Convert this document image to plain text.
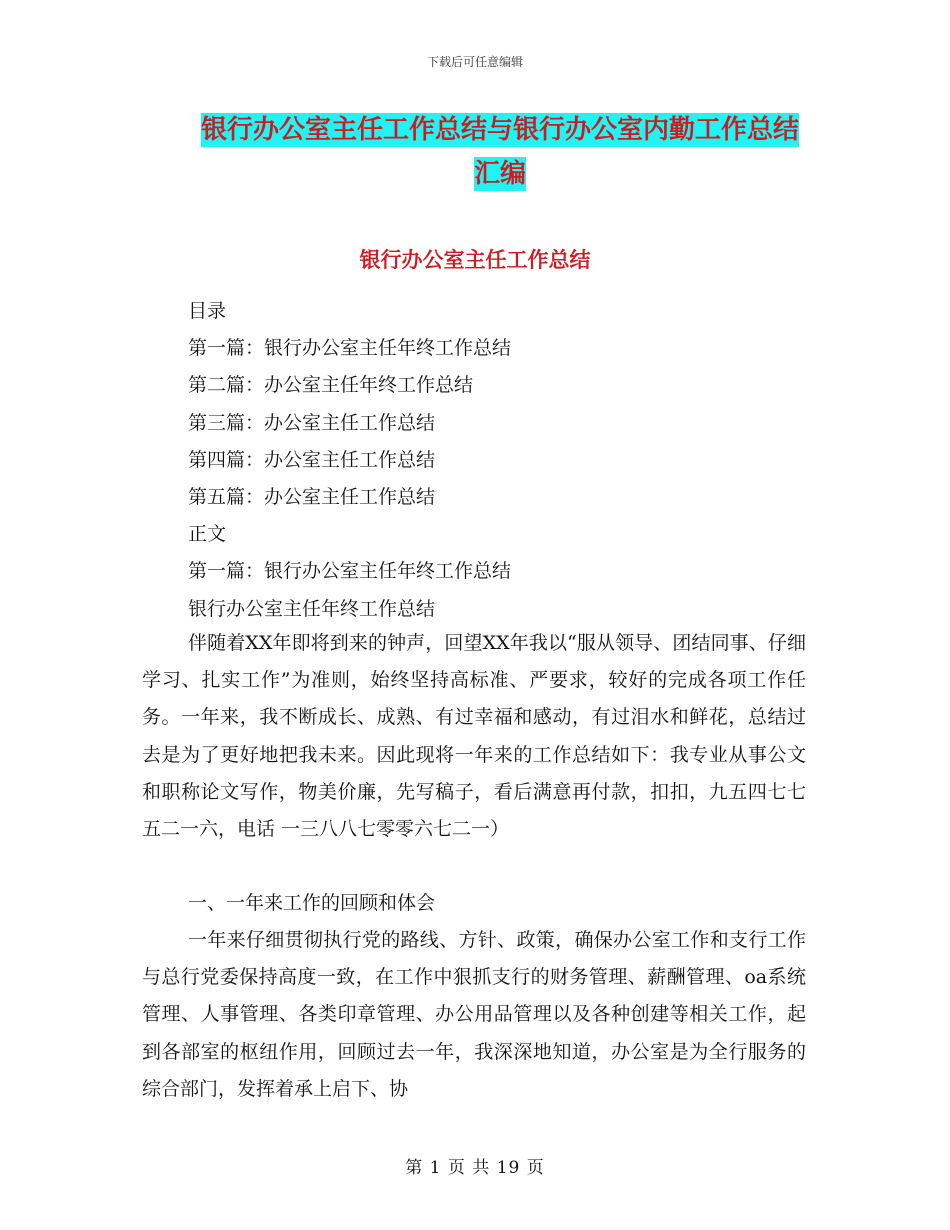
下载后可任意编辑
银行办公室主任工作总结与银行办公室内勤工作总结
汇编
银行办公室主任工作总结
目录
第一篇：银行办公室主任年终工作总结
第二篇：办公室主任年终工作总结
第三篇：办公室主任工作总结
第四篇：办公室主任工作总结
第五篇：办公室主任工作总结
正文
第一篇：银行办公室主任年终工作总结
银行办公室主任年终工作总结
伴随着XX年即将到来的钟声，回望XX年我以“服从领导、团结同事、仔细学习、扎实工作”为准则，始终坚持高标准、严要求，较好的完成各项工作任务。一年来，我不断成长、成熟、有过幸福和感动，有过泪水和鲜花，总结过去是为了更好地把我未来。因此现将一年来的工作总结如下：我专业从事公文和职称论文写作，物美价廉，先写稿子，看后满意再付款，扣扣，九五四七七五二一六，电话 一三八八七零零六七二一）
一、一年来工作的回顾和体会
一年来仔细贯彻执行党的路线、方针、政策，确保办公室工作和支行工作与总行党委保持高度一致，在工作中狠抓支行的财务管理、薪酬管理、oa系统管理、人事管理、各类印章管理、办公用品管理以及各种创建等相关工作，起到各部室的枢纽作用，回顾过去一年，我深深地知道，办公室是为全行服务的综合部门，发挥着承上启下、协
第 1 页 共 19 页
